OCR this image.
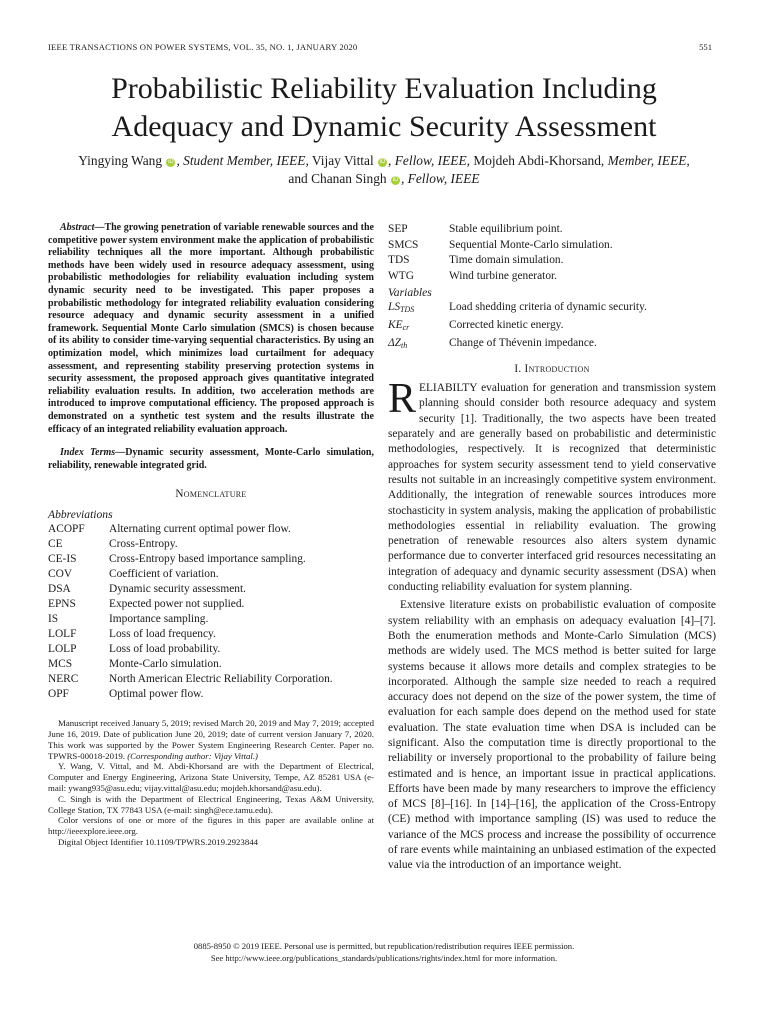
IEEE TRANSACTIONS ON POWER SYSTEMS, VOL. 35, NO. 1, JANUARY 2020	551
Probabilistic Reliability Evaluation Including
Adequacy and Dynamic Security Assessment
Yingying Wang iD , Student Member, IEEE, Vijay Vittal iD , Fellow, IEEE, Mojdeh Abdi-Khorsand, Member, IEEE,
and Chanan Singh iD , Fellow, IEEE

Abstract—The growing penetration of variable renewable sources and the competitive power system environment make the application of probabilistic reliability techniques all the more important. Although probabilistic methods have been widely used in resource adequacy assessment, using probabilistic methodologies for reliability evaluation including system dynamic security need to be investigated. This paper proposes a probabilistic methodology for integrated reliability evaluation considering resource adequacy and dynamic security assessment in a unified framework. Sequential Monte Carlo simulation (SMCS) is chosen because of its ability to consider time-varying sequential characteristics. By using an optimization model, which minimizes load curtailment for adequacy assessment, and representing stability preserving protection systems in security assessment, the proposed approach gives quantitative integrated reliability evaluation results. In addition, two acceleration methods are introduced to improve computational efficiency. The proposed approach is demonstrated on a synthetic test system and the results illustrate the efficacy of an integrated reliability evaluation approach.

Index Terms—Dynamic security assessment, Monte-Carlo simulation, reliability, renewable integrated grid.

Nomenclature
Abbreviations
ACOPF	Alternating current optimal power flow.
CE	Cross-Entropy.
CE-IS	Cross-Entropy based importance sampling.
COV	Coefficient of variation.
DSA	Dynamic security assessment.
EPNS	Expected power not supplied.
IS	Importance sampling.
LOLF	Loss of load frequency.
LOLP	Loss of load probability.
MCS	Monte-Carlo simulation.
NERC	North American Electric Reliability Corporation.
OPF	Optimal power flow.

Manuscript received January 5, 2019; revised March 20, 2019 and May 7, 2019; accepted June 16, 2019. Date of publication June 20, 2019; date of current version January 7, 2020. This work was supported by the Power System Engineering Research Center. Paper no. TPWRS-00018-2019. (Corresponding author: Vijay Vittal.)

Y. Wang, V. Vittal, and M. Abdi-Khorsand are with the Department of Electrical, Computer and Energy Engineering, Arizona State University, Tempe, AZ 85281 USA (e-mail: ywang935@asu.edu; vijay.vittal@asu.edu; mojdeh.khorsand@asu.edu).

C. Singh is with the Department of Electrical Engineering, Texas A&M University, College Station, TX 77843 USA (e-mail: singh@ece.tamu.edu).

Color versions of one or more of the figures in this paper are available online at http://ieeexplore.ieee.org.

Digital Object Identifier 10.1109/TPWRS.2019.2923844

SEP	Stable equilibrium point.
SMCS	Sequential Monte-Carlo simulation.
TDS	Time domain simulation.
WTG	Wind turbine generator.
Variables
$LS_{TDS}$	Load shedding criteria of dynamic security.
$KE_{cr}$	Corrected kinetic energy.
$\Delta Z_{th}$	Change of Thévenin impedance.
I. Introduction

RELIABILTY evaluation for generation and transmission system planning should consider both resource adequacy and system security [1]. Traditionally, the two aspects have been treated separately and are generally based on probabilistic and deterministic methodologies, respectively. It is recognized that deterministic approaches for system security assessment tend to yield conservative results not suitable in an increasingly competitive system environment. Additionally, the integration of renewable sources introduces more stochasticity in system analysis, making the application of probabilistic methodologies essential in reliability evaluation. The growing penetration of renewable resources also alters system dynamic performance due to converter interfaced grid resources necessitating an integration of adequacy and dynamic security assessment (DSA) when conducting reliability evaluation for system planning.

Extensive literature exists on probabilistic evaluation of composite system reliability with an emphasis on adequacy evaluation [4]–[7]. Both the enumeration methods and Monte-Carlo Simulation (MCS) methods are widely used. The MCS method is better suited for large systems because it allows more details and complex strategies to be incorporated. Although the sample size needed to reach a required accuracy does not depend on the size of the power system, the time of evaluation for each sample does depend on the method used for state evaluation. The state evaluation time when DSA is included can be significant. Also the computation time is directly proportional to the reliability or inversely proportional to the probability of failure being estimated and is hence, an important issue in practical applications. Efforts have been made by many researchers to improve the efficiency of MCS [8]–[16]. In [14]–[16], the application of the Cross-Entropy (CE) method with importance sampling (IS) was used to reduce the variance of the MCS process and increase the possibility of occurrence of rare events while maintaining an unbiased estimation of the expected value via the introduction of an importance weight.

0885-8950 © 2019 IEEE. Personal use is permitted, but republication/redistribution requires IEEE permission.
See http://www.ieee.org/publications_standards/publications/rights/index.html for more information.
